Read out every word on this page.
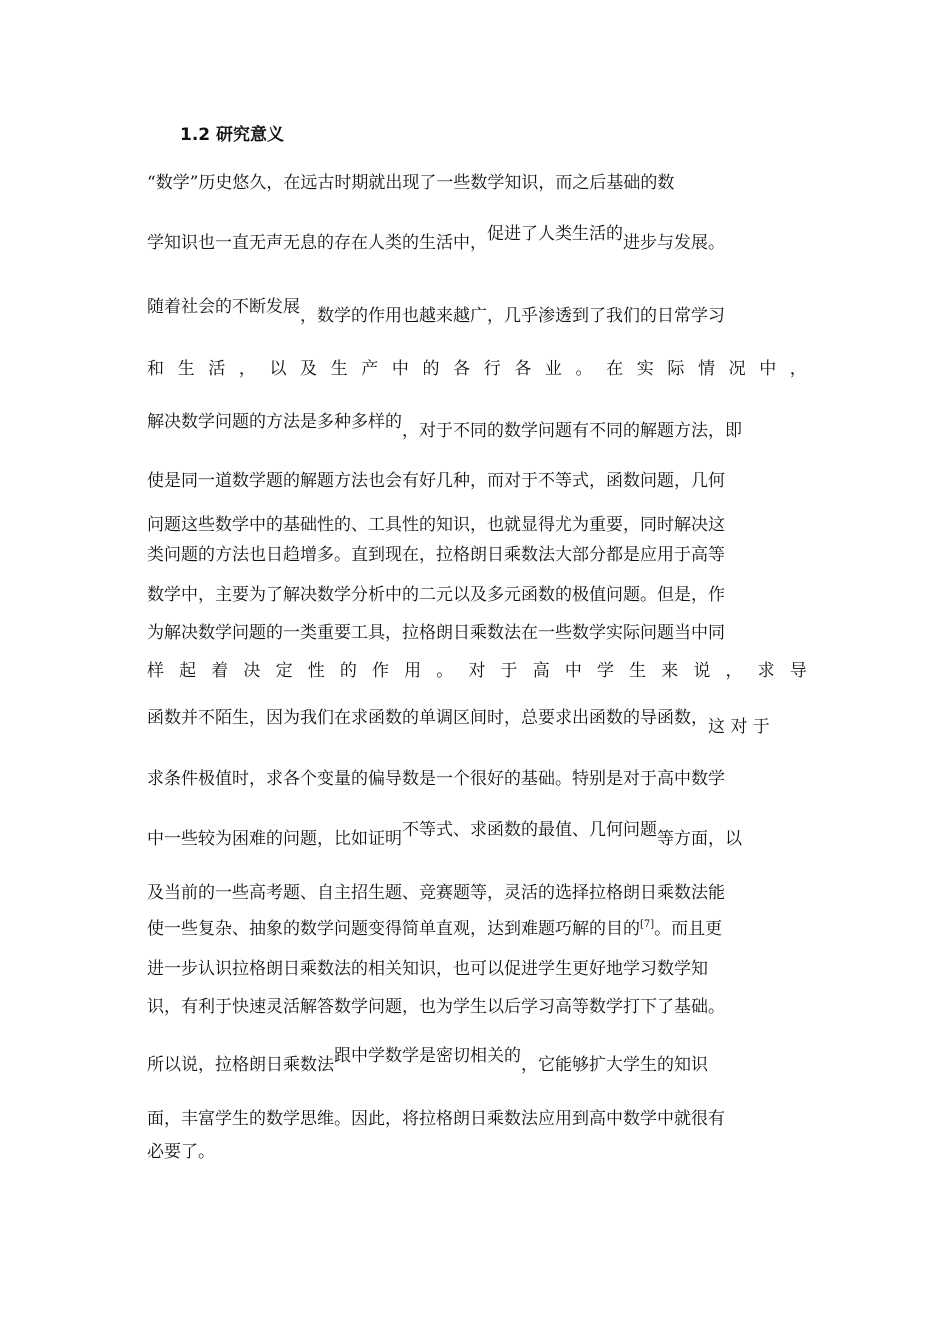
1.2 研究意义
“数学”历史悠久，在远古时期就出现了一些数学知识，而之后基础的数
学知识也一直无声无息的存在人类的生活中，促进了人类生活的进步与发展。
随着社会的不断发展，数学的作用也越来越广，几乎渗透到了我们的日常学习
和 生 活 ， 以 及 生 产 中 的 各 行 各 业 。 在 实 际 情 况 中 ，
解决数学问题的方法是多种多样的，对于不同的数学问题有不同的解题方法，即
使是同一道数学题的解题方法也会有好几种，而对于不等式，函数问题，几何
问题这些数学中的基础性的、工具性的知识，也就显得尤为重要，同时解决这
类问题的方法也日趋增多。直到现在，拉格朗日乘数法大部分都是应用于高等
数学中，主要为了解决数学分析中的二元以及多元函数的极值问题。但是，作
为解决数学问题的一类重要工具，拉格朗日乘数法在一些数学实际问题当中同
样 起 着 决 定 性 的 作 用 。 对 于 高 中 学 生 来 说 ， 求 导
函数并不陌生，因为我们在求函数的单调区间时，总要求出函数的导函数，这 对 于
求条件极值时，求各个变量的偏导数是一个很好的基础。特别是对于高中数学
中一些较为困难的问题，比如证明不等式、求函数的最值、几何问题等方面，以
及当前的一些高考题、自主招生题、竞赛题等，灵活的选择拉格朗日乘数法能
使一些复杂、抽象的数学问题变得简单直观，达到难题巧解的目的[7]。而且更
进一步认识拉格朗日乘数法的相关知识，也可以促进学生更好地学习数学知
识，有利于快速灵活解答数学问题，也为学生以后学习高等数学打下了基础。
所以说，拉格朗日乘数法跟中学数学是密切相关的，它能够扩大学生的知识
面，丰富学生的数学思维。因此，将拉格朗日乘数法应用到高中数学中就很有
必要了。
